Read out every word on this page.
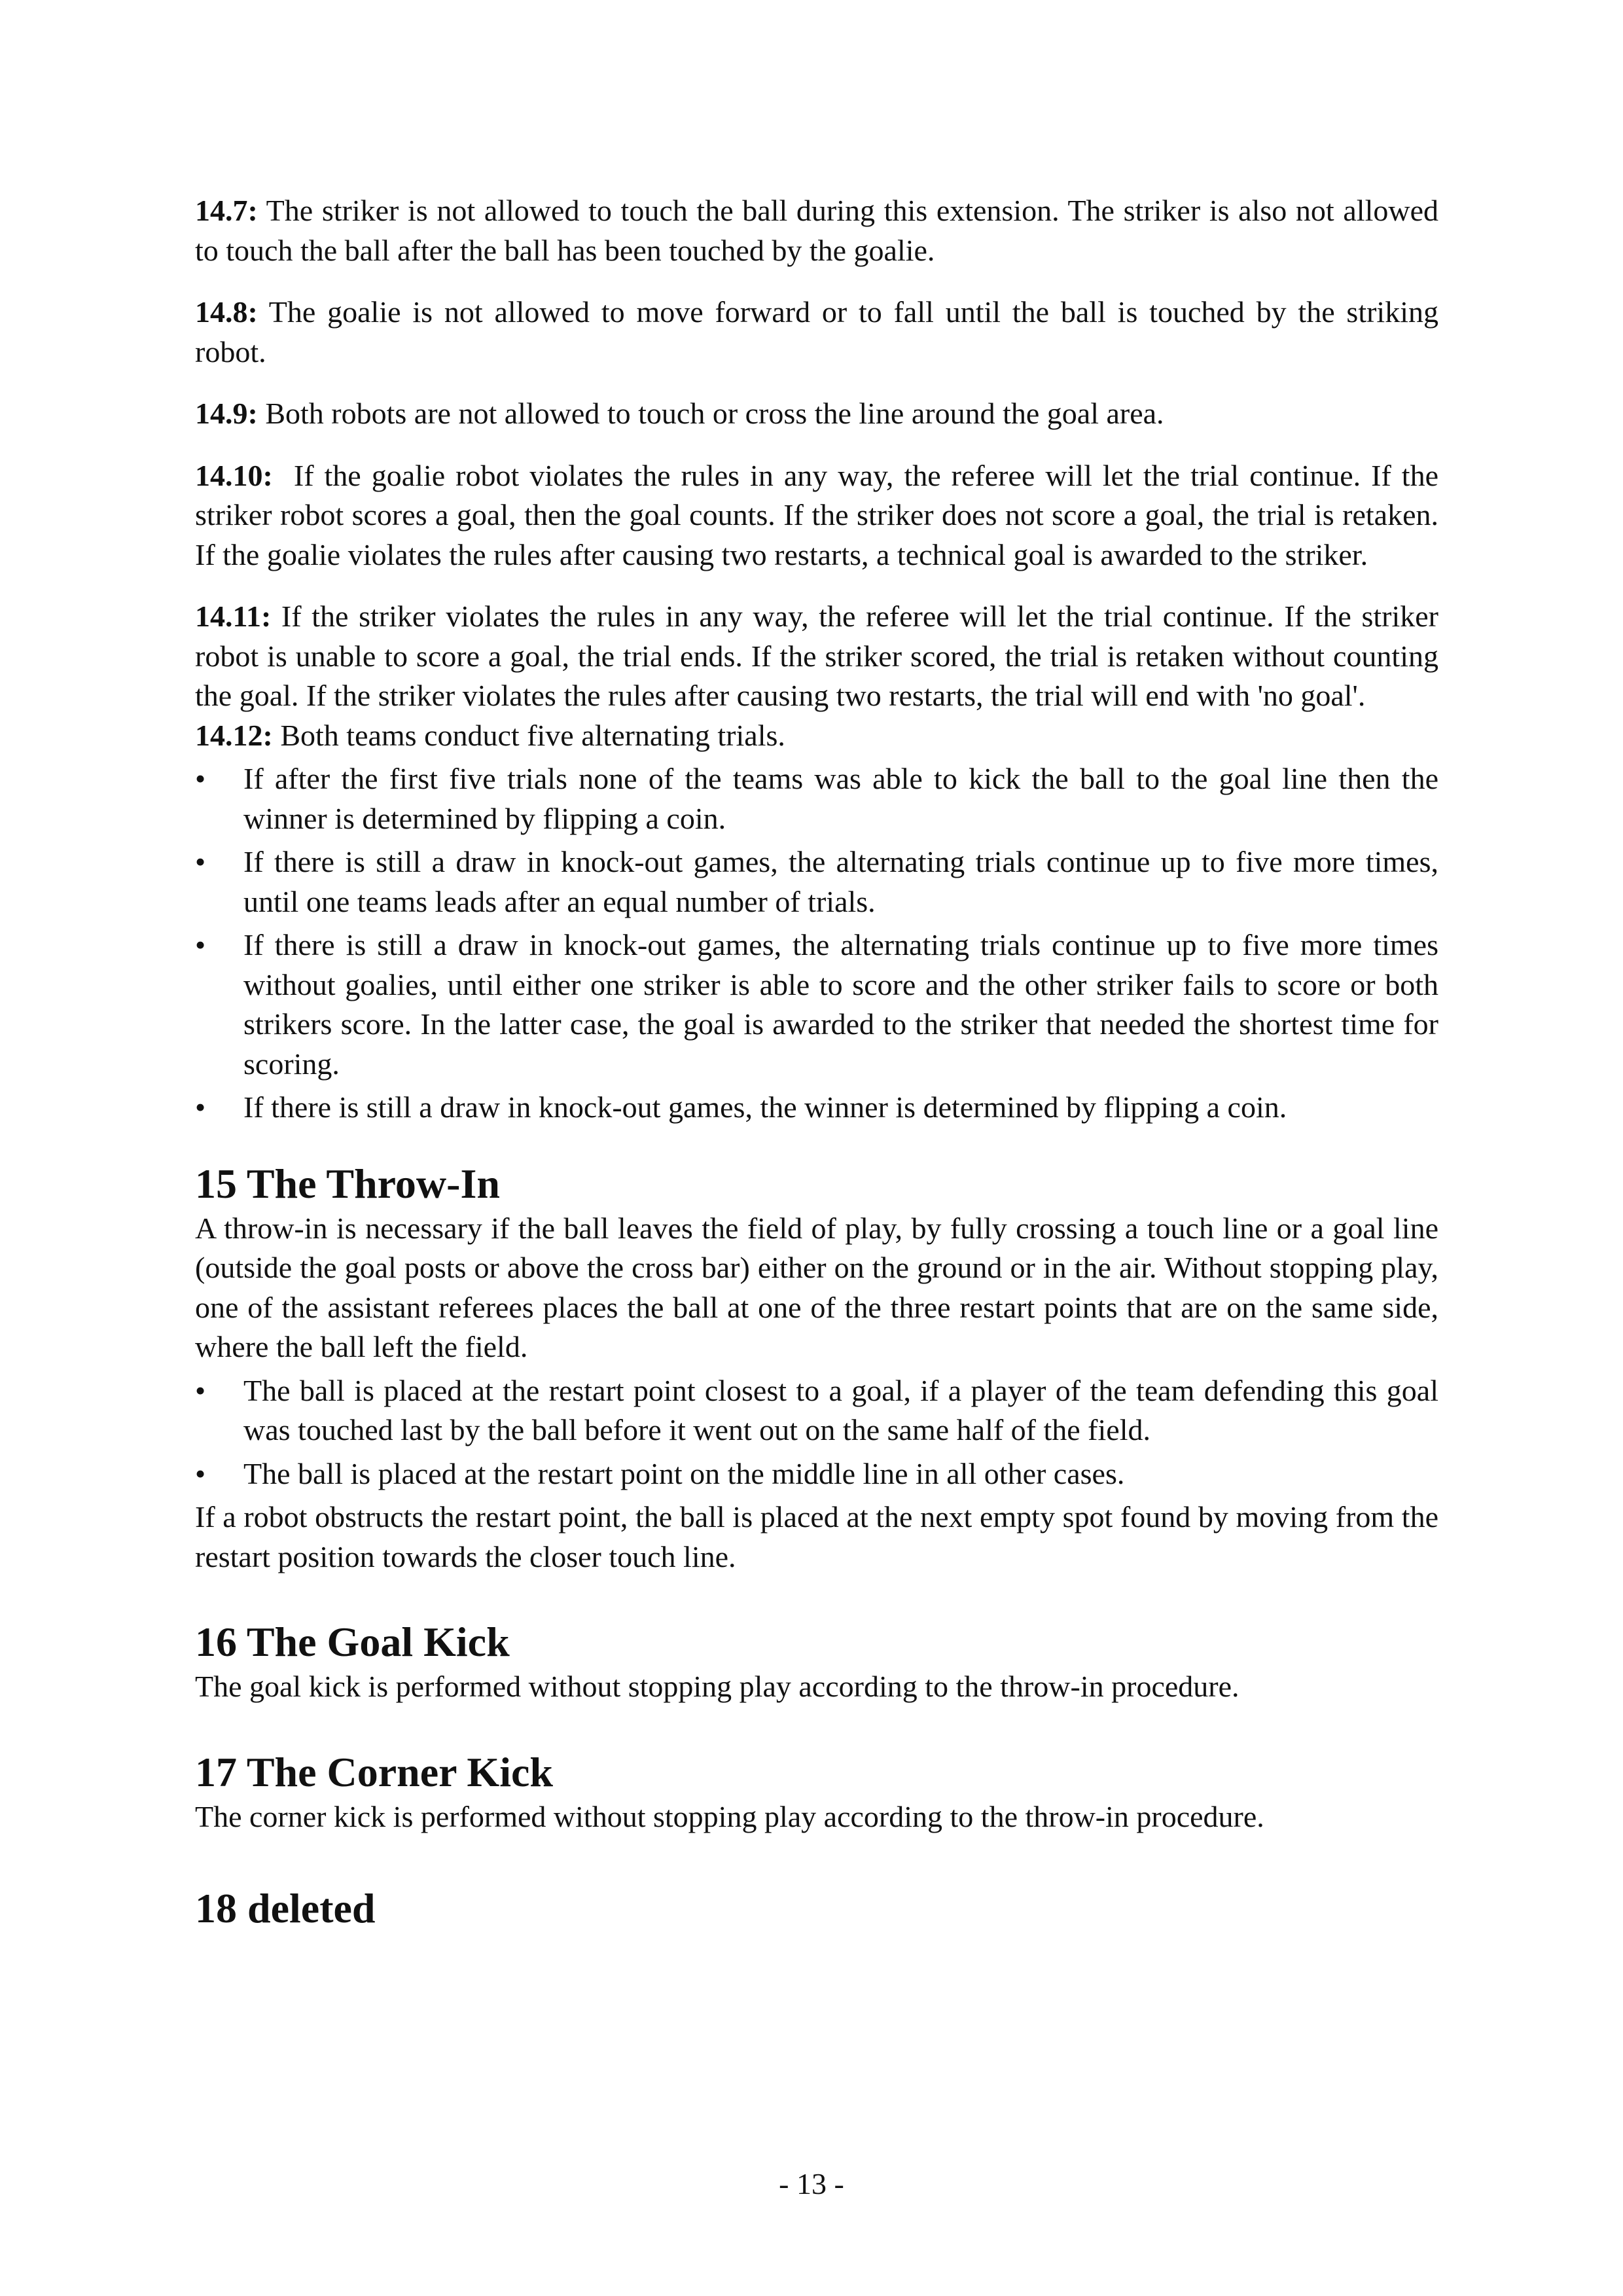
14.7: The striker is not allowed to touch the ball during this extension. The striker is also not allowed to touch the ball after the ball has been touched by the goalie.

14.8: The goalie is not allowed to move forward or to fall until the ball is touched by the striking robot.

14.9: Both robots are not allowed to touch or cross the line around the goal area.

14.10:  If the goalie robot violates the rules in any way, the referee will let the trial continue. If the striker robot scores a goal, then the goal counts. If the striker does not score a goal, the trial is retaken. If the goalie violates the rules after causing two restarts, a technical goal is awarded to the striker.

14.11: If the striker violates the rules in any way, the referee will let the trial continue. If the striker robot is unable to score a goal, the trial ends. If the striker scored, the trial is retaken without counting the goal. If the striker violates the rules after causing two restarts, the trial will end with 'no goal'.

14.12: Both teams conduct five alternating trials.

•	If after the first five trials none of the teams was able to kick the ball to the goal line then the winner is determined by flipping a coin.
•	If there is still a draw in knock-out games, the alternating trials continue up to five more times, until one teams leads after an equal number of trials.
•	If there is still a draw in knock-out games, the alternating trials continue up to five more times without goalies, until either one striker is able to score and the other striker fails to score or both strikers score. In the latter case, the goal is awarded to the striker that needed the shortest time for scoring.
•	If there is still a draw in knock-out games, the winner is determined by flipping a coin.
15 The Throw-In

A throw-in is necessary if the ball leaves the field of play, by fully crossing a touch line or a goal line (outside the goal posts or above the cross bar) either on the ground or in the air. Without stopping play, one of the assistant referees places the ball at one of the three restart points that are on the same side, where the ball left the field.

•	The ball is placed at the restart point closest to a goal, if a player of the team defending this goal was touched last by the ball before it went out on the same half of the field.
•	The ball is placed at the restart point on the middle line in all other cases.

If a robot obstructs the restart point, the ball is placed at the next empty spot found by moving from the restart position towards the closer touch line.

16 The Goal Kick

The goal kick is performed without stopping play according to the throw-in procedure.

17 The Corner Kick

The corner kick is performed without stopping play according to the throw-in procedure.

18 deleted
- 13 -
